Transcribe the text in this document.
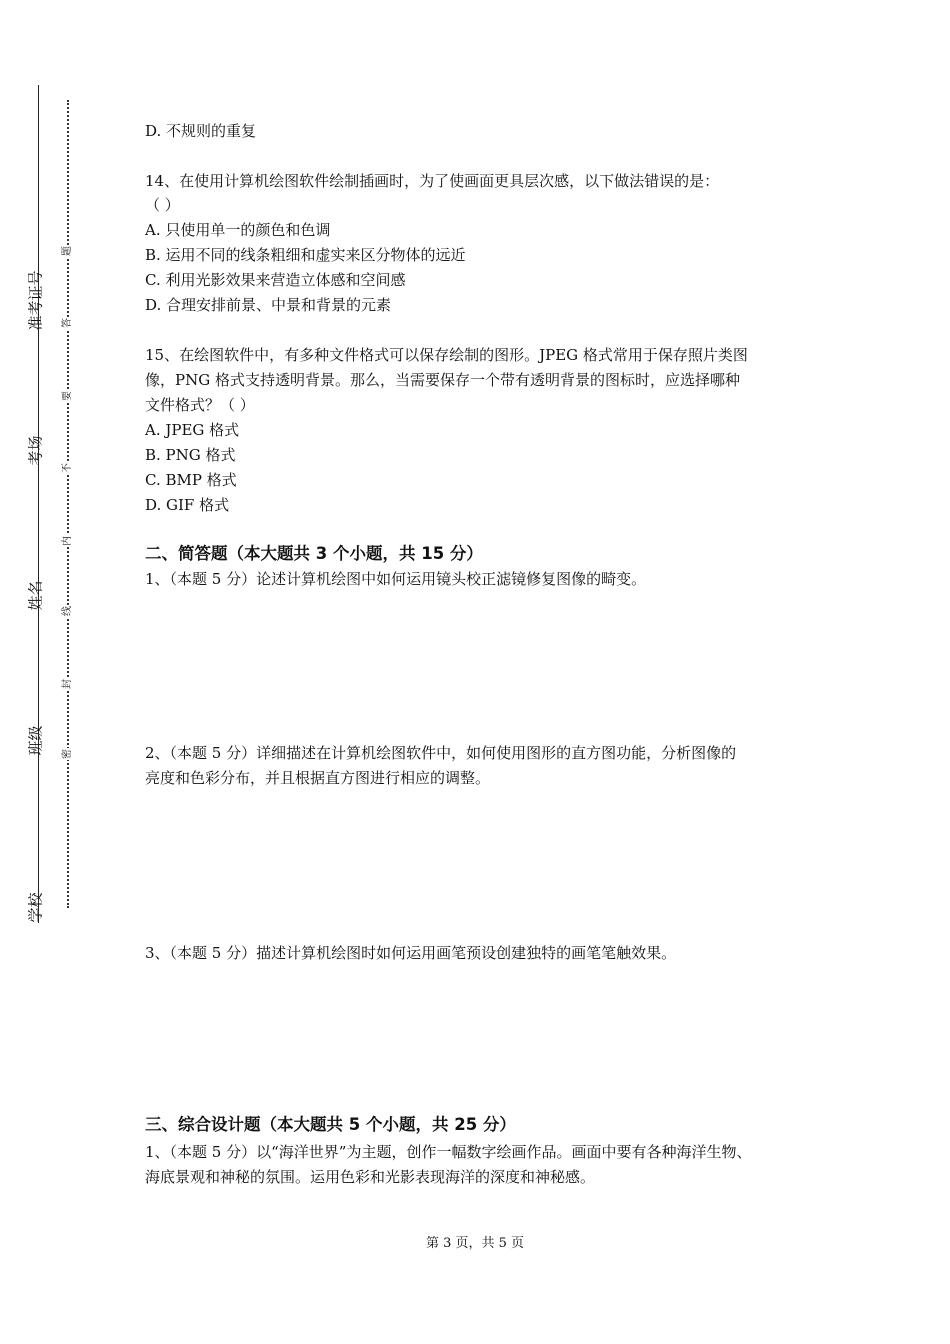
准考证号
考场
姓名
班级
学校
题
答
要
不
内
线
封
密
D. 不规则的重复
14、在使用计算机绘图软件绘制插画时，为了使画面更具层次感，以下做法错误的是：
（ ）
A. 只使用单一的颜色和色调
B. 运用不同的线条粗细和虚实来区分物体的远近
C. 利用光影效果来营造立体感和空间感
D. 合理安排前景、中景和背景的元素
15、在绘图软件中，有多种文件格式可以保存绘制的图形。JPEG 格式常用于保存照片类图
像，PNG 格式支持透明背景。那么，当需要保存一个带有透明背景的图标时，应选择哪种
文件格式？（ ）
A. JPEG 格式
B. PNG 格式
C. BMP 格式
D. GIF 格式
二、简答题（本大题共 3 个小题，共 15 分）
1、（本题 5 分）论述计算机绘图中如何运用镜头校正滤镜修复图像的畸变。
2、（本题 5 分）详细描述在计算机绘图软件中，如何使用图形的直方图功能，分析图像的
亮度和色彩分布，并且根据直方图进行相应的调整。
3、（本题 5 分）描述计算机绘图时如何运用画笔预设创建独特的画笔笔触效果。
三、综合设计题（本大题共 5 个小题，共 25 分）
1、（本题 5 分）以“海洋世界”为主题，创作一幅数字绘画作品。画面中要有各种海洋生物、
海底景观和神秘的氛围。运用色彩和光影表现海洋的深度和神秘感。
第 3 页，共 5 页
